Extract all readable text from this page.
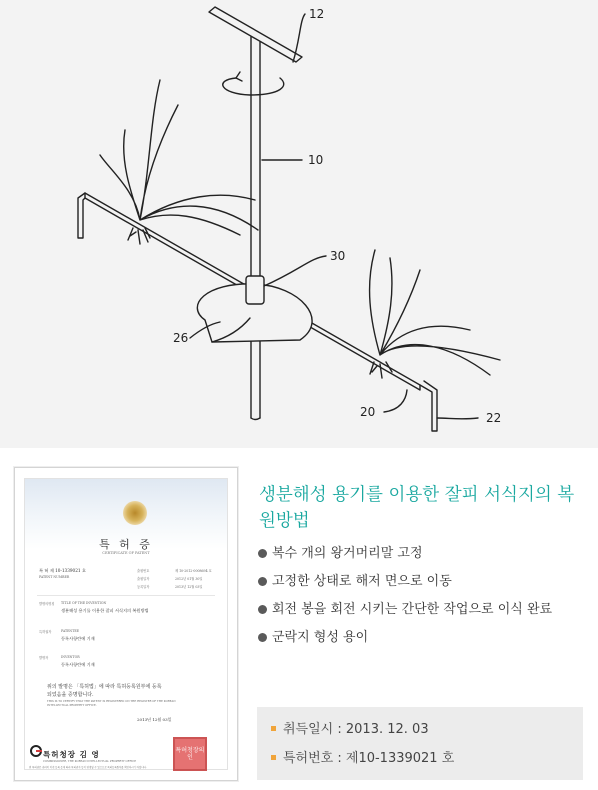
12
10
30
26
20	22
특 허 증
CERTIFICATE OF PATENT
특 허 제 10-1339021 호
PATENT NUMBER
출원번호	제 10-2012-0008694 호
출원일자	2012년 01월 30일
등록일자	2013년 12월 03일
발명의명칭 TITLE OF THE INVENTION
생분해성 용기를 이용한 잘피 서식지의 복원방법
특허권자	PATENTEE
등록사항란에 기재
발명자	INVENTOR
등록사항란에 기재
위의 발명은 「특허법」에 따라 특허등록원부에 등록
되었음을 증명합니다.
THIS IS TO CERTIFY THAT THE PATENT IS REGISTERED ON THE REGISTER OF THE KOREAN INTELLECTUAL PROPERTY OFFICE.
2013년 12월 03일
특허청장 김 영
COMMISSIONER, THE KOREAN INTELLECTUAL PROPERTY OFFICE
특허청장의인
위 특허권은 권리의 이전 등록 등에 따라 특허권자 등이 변경될 수 있으므로 특허등록원부를 확인하시기 바랍니다.
생분해성 용기를 이용한 잘피 서식지의 복원방법
복수 개의 왕거머리말 고정
고정한 상태로 해저 면으로 이동
회전 봉을 회전 시키는 간단한 작업으로 이식 완료
군락지 형성 용이
취득일시 : 2013. 12. 03
특허번호 : 제10-1339021 호
